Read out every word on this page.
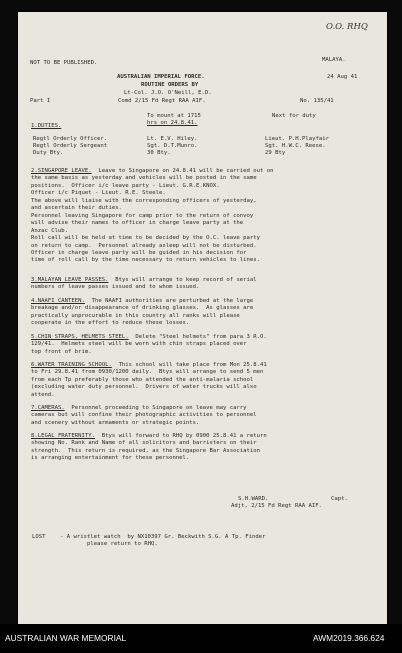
O.O. RHQ
NOT TO BE PUBLISHED.	MALAYA.
24 Aug 41
AUSTRALIAN IMPERIAL FORCE.
ROUTINE ORDERS BY
Lt-Col. J.O. O'Neill, E.D.
Comd 2/15 Fd Regt RAA AIF.
Part I	No. 135/41
To mount at 1715
hrs on 24.8.41.
Next for duty
1.DUTIES.
Regtl Orderly Officer.	Lt. E.V. Hiley.	Lieut. P.H.Playfair
Regtl Orderly Sergeant	Sgt. D.T.Munro.	Sgt. H.W.C. Reese.
Duty Bty.	30 Bty.	29 Bty
2.SINGAPORE LEAVE.	Leave to Singapore on 24.8.41 will be carried out on
the same basis as yesterday and vehicles will be posted in the same
positions.  Officer i/c leave party - Lieut. G.R.E.KNOX.
Officer i/c Piquet - Lieut. R.E. Steele.
The above will liaise with the corresponding officers of yesterday,
and ascertain their duties.
Personnel leaving Singapore for camp prior to the return of convoy
will advise their names to officer in charge leave party at the
Anzac Club.
Roll call will be held at time to be decided by the O.C. leave party
on return to camp.  Personnel already asleep will not be disturbed.
Officer in charge leave party will be guided in his decision for
time of roll call by the time necessary to return vehicles to lines.
3.MALAYAN LEAVE PASSES.	Btys will arrange to keep record of serial
numbers of leave passes issued and to whom issued.
4.NAAFI CANTEEN.	The NAAFI authorities are perturbed at the large
breakage and/or disappearance of drinking glasses.  As glasses are
practically unprocurable in this country all ranks will please
cooperate in the effort to reduce these losses.
5.CHIN STRAPS, HELMETS STEEL.	Delete "Steel helmets" from para 3 R.O.
129/41.  Helmets steel will be worn with chin straps placed over
top front of brim.
6.WATER TRAINING SCHOOL.	This school will take place from Mon 25.8.41
to Fri 29.8.41 from 0930/1200 daily.  Btys will arrange to send 5 men
from each Tp preferably those who attended the anti-malaria school
(excluding water duty personnel.  Drivers of water trucks will also
attend.
7.CAMERAS.	Personnel proceeding to Singapore on leave may carry
cameras but will confine their photographic activities to personnel
and scenery without armaments or strategic points.
8.LEGAL FRATERNITY.	Btys will forward to RHQ by 0900 25.8.41 a return
showing No. Rank and Name of all solicitors and barristers on their
strength.  This return is required, as the Singapore Bar Association
is arranging entertainment for these personnel.
S.H.WARD.	Capt.
Adjt, 2/15 Fd Regt RAA AIF.
LOST	- A wristlet watch  by NX10397 Gr. Beckwith S.G. A Tp. Finder
please return to RHQ.
AUSTRALIAN WAR MEMORIAL	AWM2019.366.624
